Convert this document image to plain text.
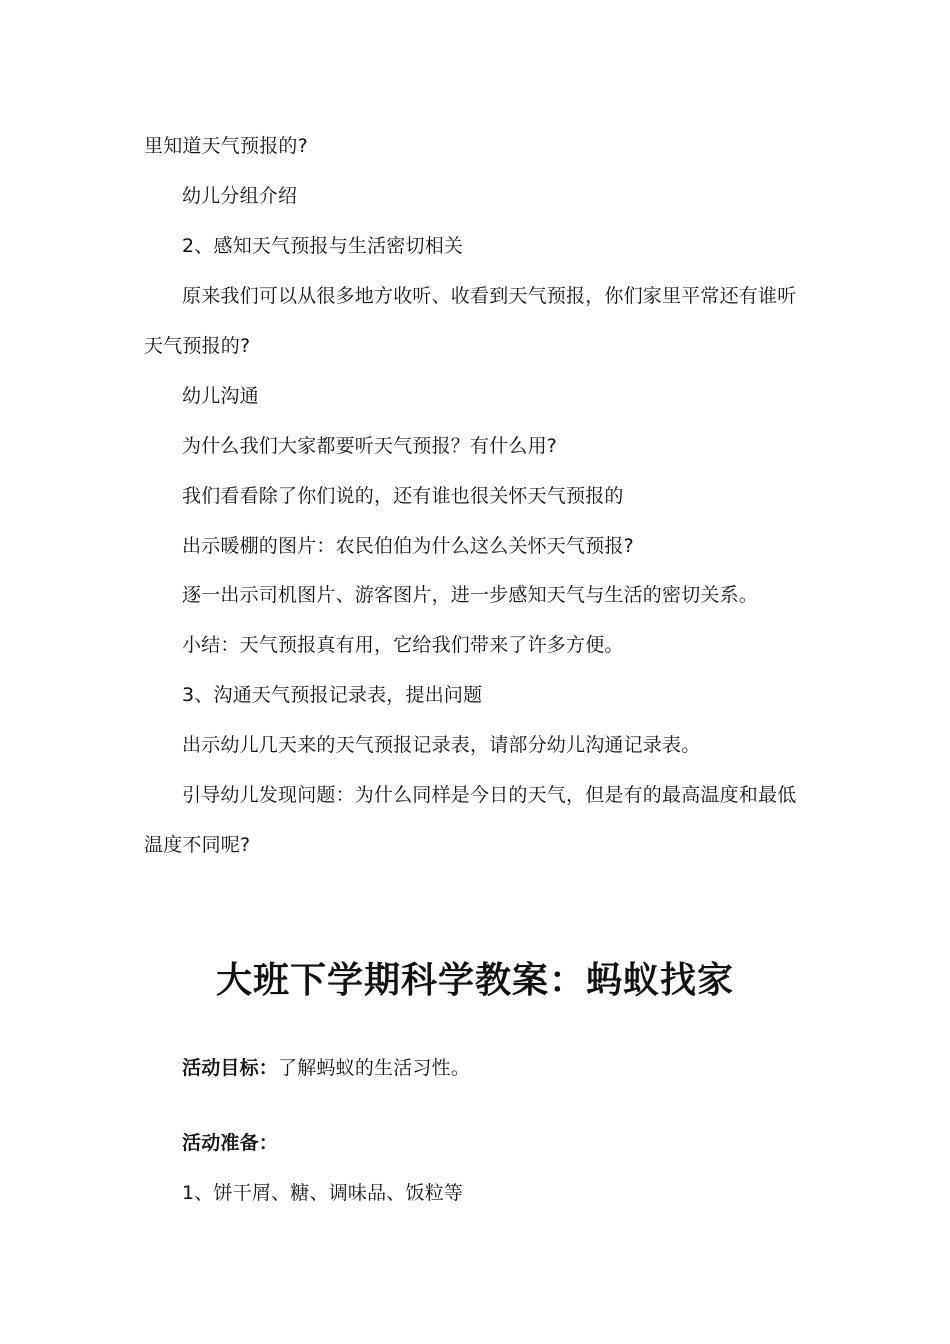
里知道天气预报的?
幼儿分组介绍
2、感知天气预报与生活密切相关
原来我们可以从很多地方收听、收看到天气预报，你们家里平常还有谁听
天气预报的?
幼儿沟通
为什么我们大家都要听天气预报？有什么用?
我们看看除了你们说的，还有谁也很关怀天气预报的
出示暖棚的图片：农民伯伯为什么这么关怀天气预报?
逐一出示司机图片、游客图片，进一步感知天气与生活的密切关系。
小结：天气预报真有用，它给我们带来了许多方便。
3、沟通天气预报记录表，提出问题
出示幼儿几天来的天气预报记录表，请部分幼儿沟通记录表。
引导幼儿发现问题：为什么同样是今日的天气，但是有的最高温度和最低
温度不同呢?
大班下学期科学教案：蚂蚁找家
活动目标：了解蚂蚁的生活习性。
活动准备：
1、饼干屑、糖、调味品、饭粒等
